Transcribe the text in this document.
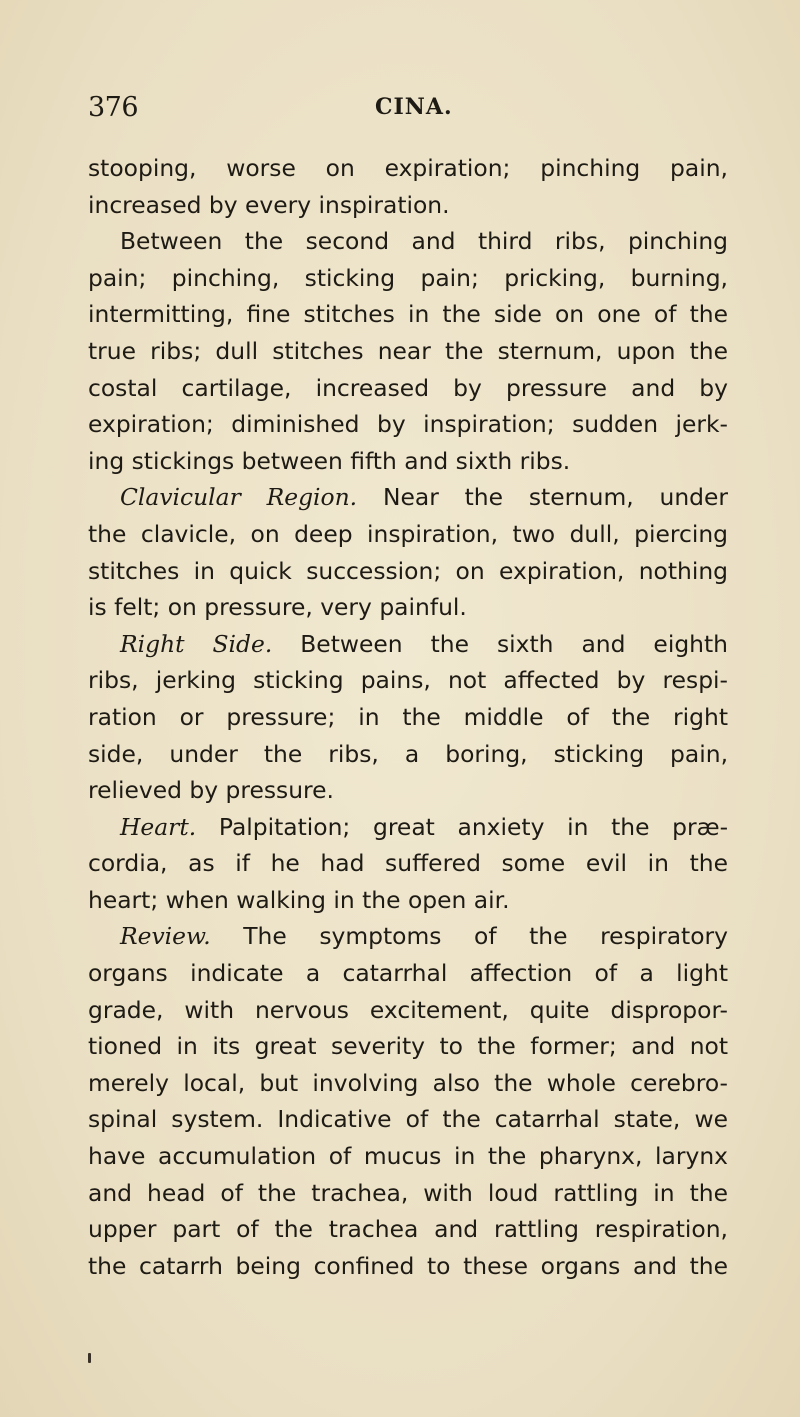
376	CINA.
stooping, worse on expiration; pinching pain,
increased by every inspiration.
Between the second and third ribs, pinching
pain; pinching, sticking pain; pricking, burning,
intermitting, fine stitches in the side on one of the
true ribs; dull stitches near the sternum, upon the
costal cartilage, increased by pressure and by
expiration; diminished by inspiration; sudden jerk-
ing stickings between fifth and sixth ribs.
Clavicular Region. Near the sternum, under
the clavicle, on deep inspiration, two dull, piercing
stitches in quick succession; on expiration, nothing
is felt; on pressure, very painful.
Right Side. Between the sixth and eighth
ribs, jerking sticking pains, not affected by respi-
ration or pressure; in the middle of the right
side, under the ribs, a boring, sticking pain,
relieved by pressure.
Heart. Palpitation; great anxiety in the præ-
cordia, as if he had suffered some evil in the
heart; when walking in the open air.
Review. The symptoms of the respiratory
organs indicate a catarrhal affection of a light
grade, with nervous excitement, quite dispropor-
tioned in its great severity to the former; and not
merely local, but involving also the whole cerebro-
spinal system. Indicative of the catarrhal state, we
have accumulation of mucus in the pharynx, larynx
and head of the trachea, with loud rattling in the
upper part of the trachea and rattling respiration,
the catarrh being confined to these organs and the
